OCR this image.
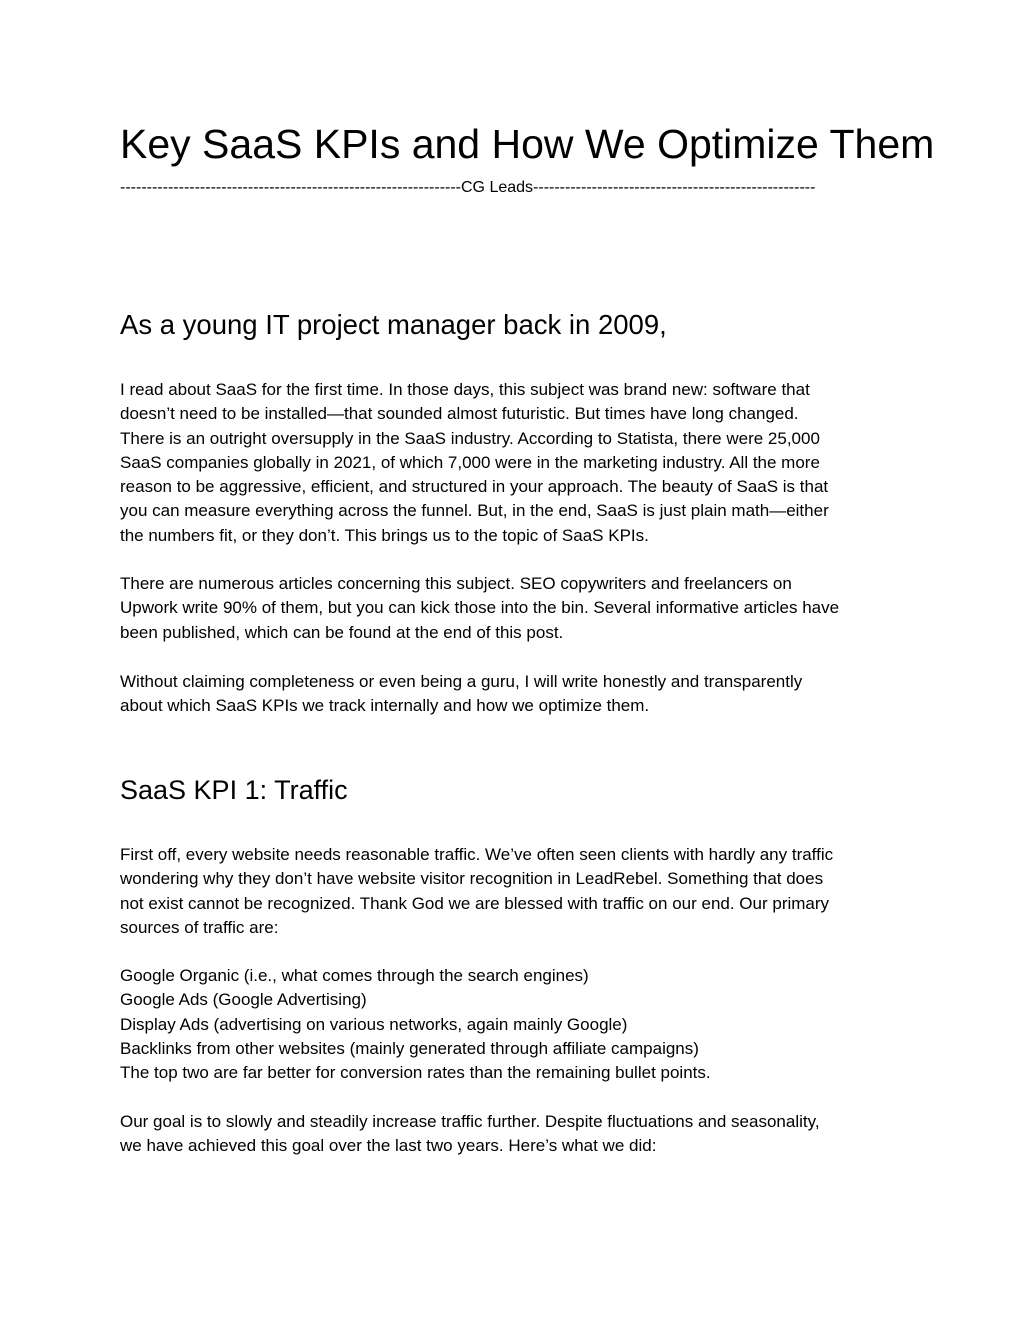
Key SaaS KPIs and How We Optimize Them

----------------------------------------------------------------CG Leads-----------------------------------------------------

As a young IT project manager back in 2009,

I read about SaaS for the first time. In those days, this subject was brand new: software that
doesn’t need to be installed—that sounded almost futuristic. But times have long changed.
There is an outright oversupply in the SaaS industry. According to Statista, there were 25,000
SaaS companies globally in 2021, of which 7,000 were in the marketing industry. All the more
reason to be aggressive, efficient, and structured in your approach. The beauty of SaaS is that
you can measure everything across the funnel. But, in the end, SaaS is just plain math—either
the numbers fit, or they don’t. This brings us to the topic of SaaS KPIs.

There are numerous articles concerning this subject. SEO copywriters and freelancers on
Upwork write 90% of them, but you can kick those into the bin. Several informative articles have
been published, which can be found at the end of this post.

Without claiming completeness or even being a guru, I will write honestly and transparently
about which SaaS KPIs we track internally and how we optimize them.

SaaS KPI 1: Traffic

First off, every website needs reasonable traffic. We’ve often seen clients with hardly any traffic
wondering why they don’t have website visitor recognition in LeadRebel. Something that does
not exist cannot be recognized. Thank God we are blessed with traffic on our end. Our primary
sources of traffic are:

Google Organic (i.e., what comes through the search engines)
Google Ads (Google Advertising)
Display Ads (advertising on various networks, again mainly Google)
Backlinks from other websites (mainly generated through affiliate campaigns)
The top two are far better for conversion rates than the remaining bullet points.

Our goal is to slowly and steadily increase traffic further. Despite fluctuations and seasonality,
we have achieved this goal over the last two years. Here’s what we did:
